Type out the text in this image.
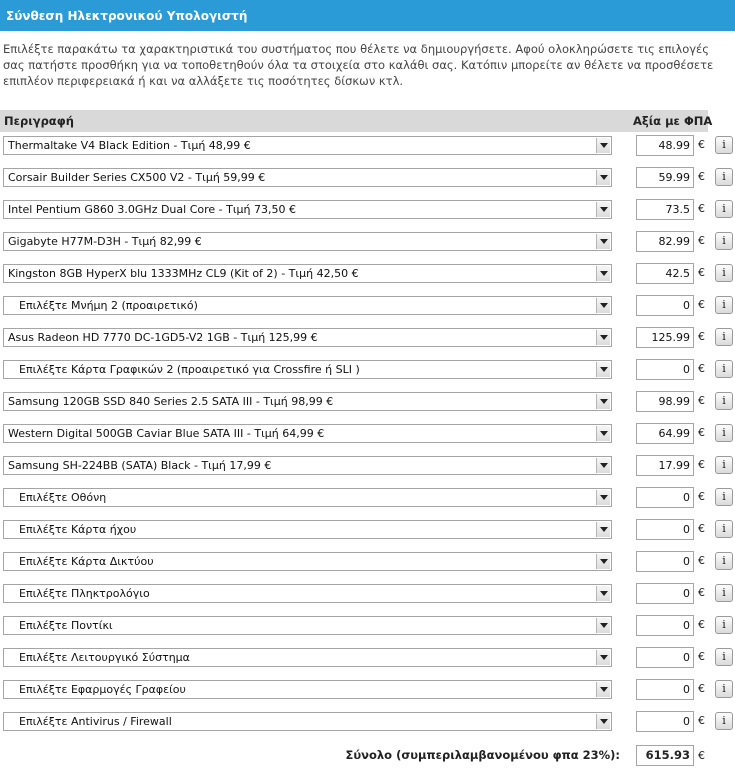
Σύνθεση Ηλεκτρονικού Υπολογιστή
Επιλέξτε παρακάτω τα χαρακτηριστικά του συστήματος που θέλετε να δημιουργήσετε. Αφού ολοκληρώσετε τις επιλογές σας πατήστε προσθήκη για να τοποθετηθούν όλα τα στοιχεία στο καλάθι σας. Κατόπιν μπορείτε αν θέλετε να προσθέσετε επιπλέον περιφερειακά ή και να αλλάξετε τις ποσότητες δίσκων κτλ.
Περιγραφή	Αξία με ΦΠΑ
Thermaltake V4 Black Edition - Τιμή 48,99 €	48.99 €	i
Corsair Builder Series CX500 V2 - Τιμή 59,99 €	59.99 €	i
Intel Pentium G860 3.0GHz Dual Core - Τιμή 73,50 €	73.5 €	i
Gigabyte H77M-D3H - Τιμή 82,99 €	82.99 €	i
Kingston 8GB HyperX blu 1333MHz CL9 (Kit of 2) - Τιμή 42,50 €	42.5 €	i
Επιλέξτε Μνήμη 2 (προαιρετικό)	0 €	i
Asus Radeon HD 7770 DC-1GD5-V2 1GB - Τιμή 125,99 €	125.99 €	i
Επιλέξτε Κάρτα Γραφικών 2 (προαιρετικό για Crossfire ή SLI )	0 €	i
Samsung 120GB SSD 840 Series 2.5 SATA III - Τιμή 98,99 €	98.99 €	i
Western Digital 500GB Caviar Blue SATA III - Τιμή 64,99 €	64.99 €	i
Samsung SH-224BB (SATA) Black - Τιμή 17,99 €	17.99 €	i
Επιλέξτε Οθόνη	0 €	i
Επιλέξτε Κάρτα ήχου	0 €	i
Επιλέξτε Κάρτα Δικτύου	0 €	i
Επιλέξτε Πληκτρολόγιο	0 €	i
Επιλέξτε Ποντίκι	0 €	i
Επιλέξτε Λειτουργικό Σύστημα	0 €	i
Επιλέξτε Εφαρμογές Γραφείου	0 €	i
Επιλέξτε Antivirus / Firewall	0 €	i
Σύνολο (συμπεριλαμβανομένου φπα 23%):	615.93 €
